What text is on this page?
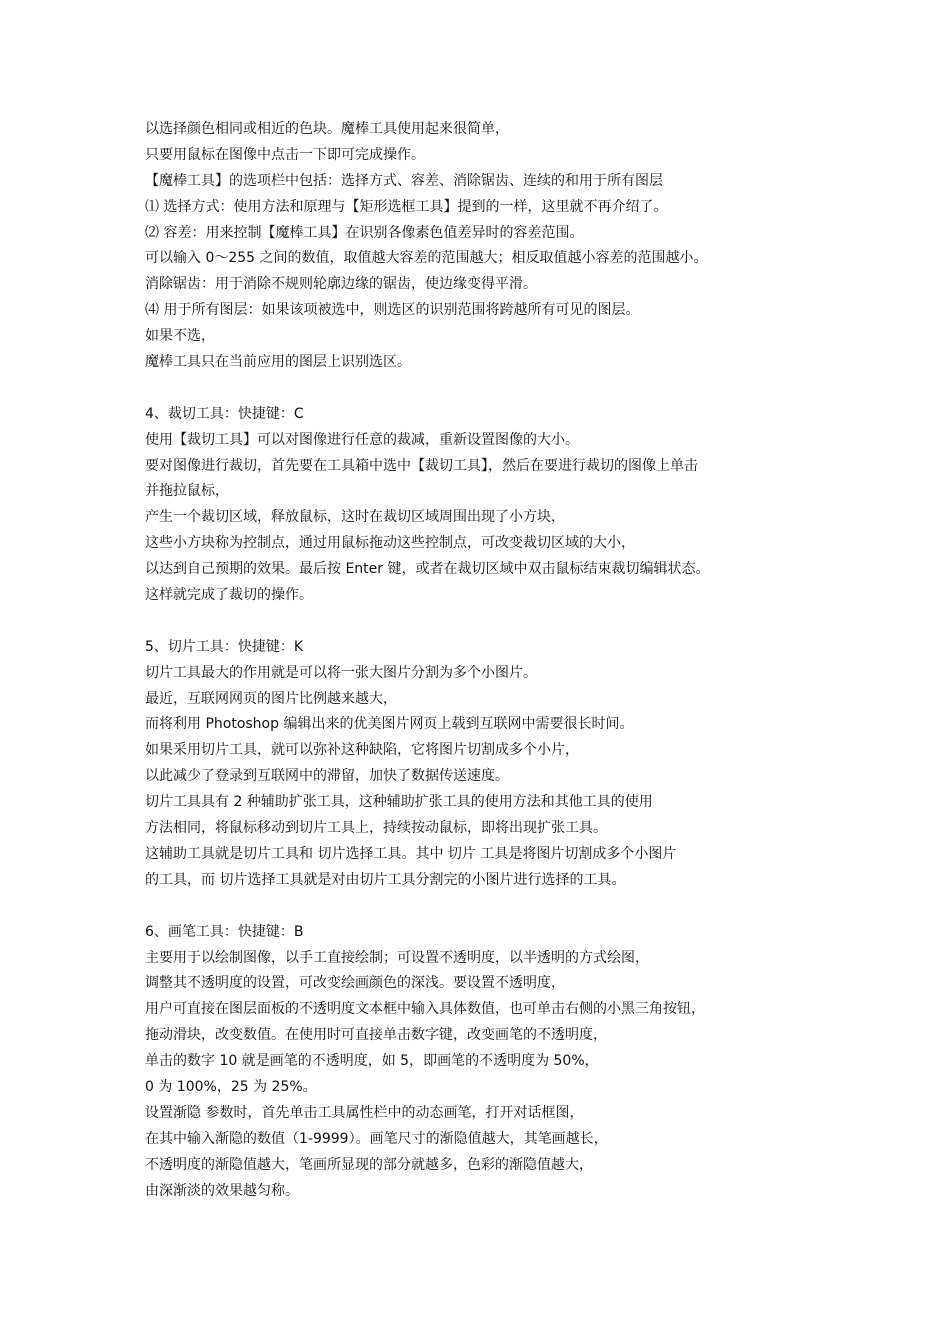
以选择颜色相同或相近的色块。魔棒工具使用起来很简单，
只要用鼠标在图像中点击一下即可完成操作。
【魔棒工具】的选项栏中包括：选择方式、容差、消除锯齿、连续的和用于所有图层
⑴ 选择方式：使用方法和原理与【矩形选框工具】提到的一样，这里就不再介绍了。
⑵ 容差：用来控制【魔棒工具】在识别各像素色值差异时的容差范围。
可以输入 0～255 之间的数值，取值越大容差的范围越大；相反取值越小容差的范围越小。
消除锯齿：用于消除不规则轮廓边缘的锯齿，使边缘变得平滑。
⑷ 用于所有图层：如果该项被选中，则选区的识别范围将跨越所有可见的图层。
如果不选，
魔棒工具只在当前应用的图层上识别选区。
4、裁切工具：快捷键：C
使用【裁切工具】可以对图像进行任意的裁减，重新设置图像的大小。
要对图像进行裁切，首先要在工具箱中选中【裁切工具】，然后在要进行裁切的图像上单击
并拖拉鼠标，
产生一个裁切区域，释放鼠标，这时在裁切区域周围出现了小方块，
这些小方块称为控制点，通过用鼠标拖动这些控制点，可改变裁切区域的大小，
以达到自己预期的效果。最后按 Enter 键，或者在裁切区域中双击鼠标结束裁切编辑状态。
这样就完成了裁切的操作。
5、切片工具：快捷键：K
切片工具最大的作用就是可以将一张大图片分割为多个小图片。
最近，互联网网页的图片比例越来越大，
而将利用 Photoshop 编辑出来的优美图片网页上载到互联网中需要很长时间。
如果采用切片工具，就可以弥补这种缺陷，它将图片切割成多个小片，
以此减少了登录到互联网中的滞留，加快了数据传送速度。
切片工具具有 2 种辅助扩张工具，这种辅助扩张工具的使用方法和其他工具的使用
方法相同，将鼠标移动到切片工具上，持续按动鼠标，即将出现扩张工具。
这辅助工具就是切片工具和 切片选择工具。其中 切片 工具是将图片切割成多个小图片
的工具，而 切片选择工具就是对由切片工具分割完的小图片进行选择的工具。
6、画笔工具：快捷键：B
主要用于以绘制图像，以手工直接绘制；可设置不透明度，以半透明的方式绘图，
调整其不透明度的设置，可改变绘画颜色的深浅。要设置不透明度，
用户可直接在图层面板的不透明度文本框中输入具体数值，也可单击右侧的小黑三角按钮，
拖动滑块，改变数值。在使用时可直接单击数字键，改变画笔的不透明度，
单击的数字 10 就是画笔的不透明度，如 5，即画笔的不透明度为 50%，
0 为 100%，25 为 25%。
设置渐隐 参数时，首先单击工具属性栏中的动态画笔，打开对话框图，
在其中输入渐隐的数值（1-9999）。画笔尺寸的渐隐值越大，其笔画越长，
不透明度的渐隐值越大，笔画所显现的部分就越多，色彩的渐隐值越大，
由深渐淡的效果越匀称。
